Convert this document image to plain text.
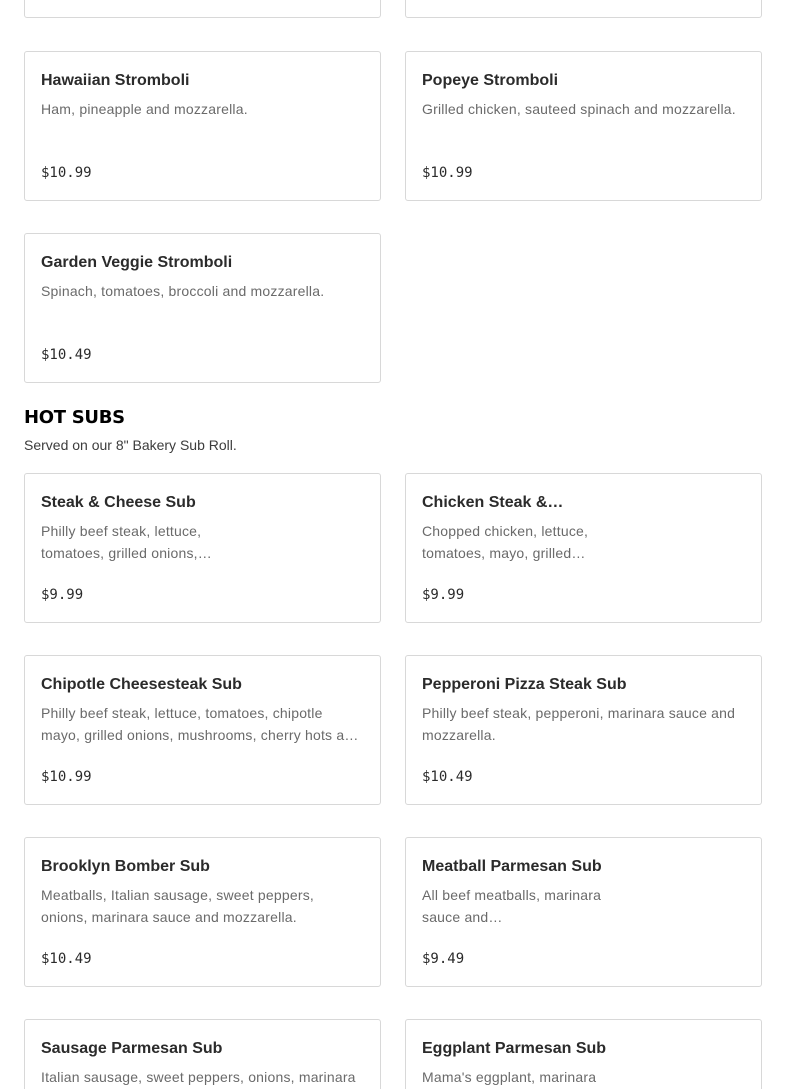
Hawaiian Stromboli
Ham, pineapple and mozzarella.
$10.99
Popeye Stromboli
Grilled chicken, sauteed spinach and mozzarella.
$10.99
Garden Veggie Stromboli
Spinach, tomatoes, broccoli and mozzarella.
$10.49
HOT SUBS

Served on our 8" Bakery Sub Roll.

Steak & Cheese Sub
Philly beef steak, lettuce, tomatoes, grilled onions,…
$9.99
Chicken Steak &…
Chopped chicken, lettuce, tomatoes, mayo, grilled…
$9.99
Chipotle Cheesesteak Sub
Philly beef steak, lettuce, tomatoes, chipotle mayo, grilled onions, mushrooms, cherry hots a…
$10.99
Pepperoni Pizza Steak Sub
Philly beef steak, pepperoni, marinara sauce and mozzarella.
$10.49
Brooklyn Bomber Sub
Meatballs, Italian sausage, sweet peppers, onions, marinara sauce and mozzarella.
$10.49
Meatball Parmesan Sub
All beef meatballs, marinara sauce and…
$9.49
Sausage Parmesan Sub
Italian sausage, sweet peppers, onions, marinara
Eggplant Parmesan Sub
Mama's eggplant, marinara
